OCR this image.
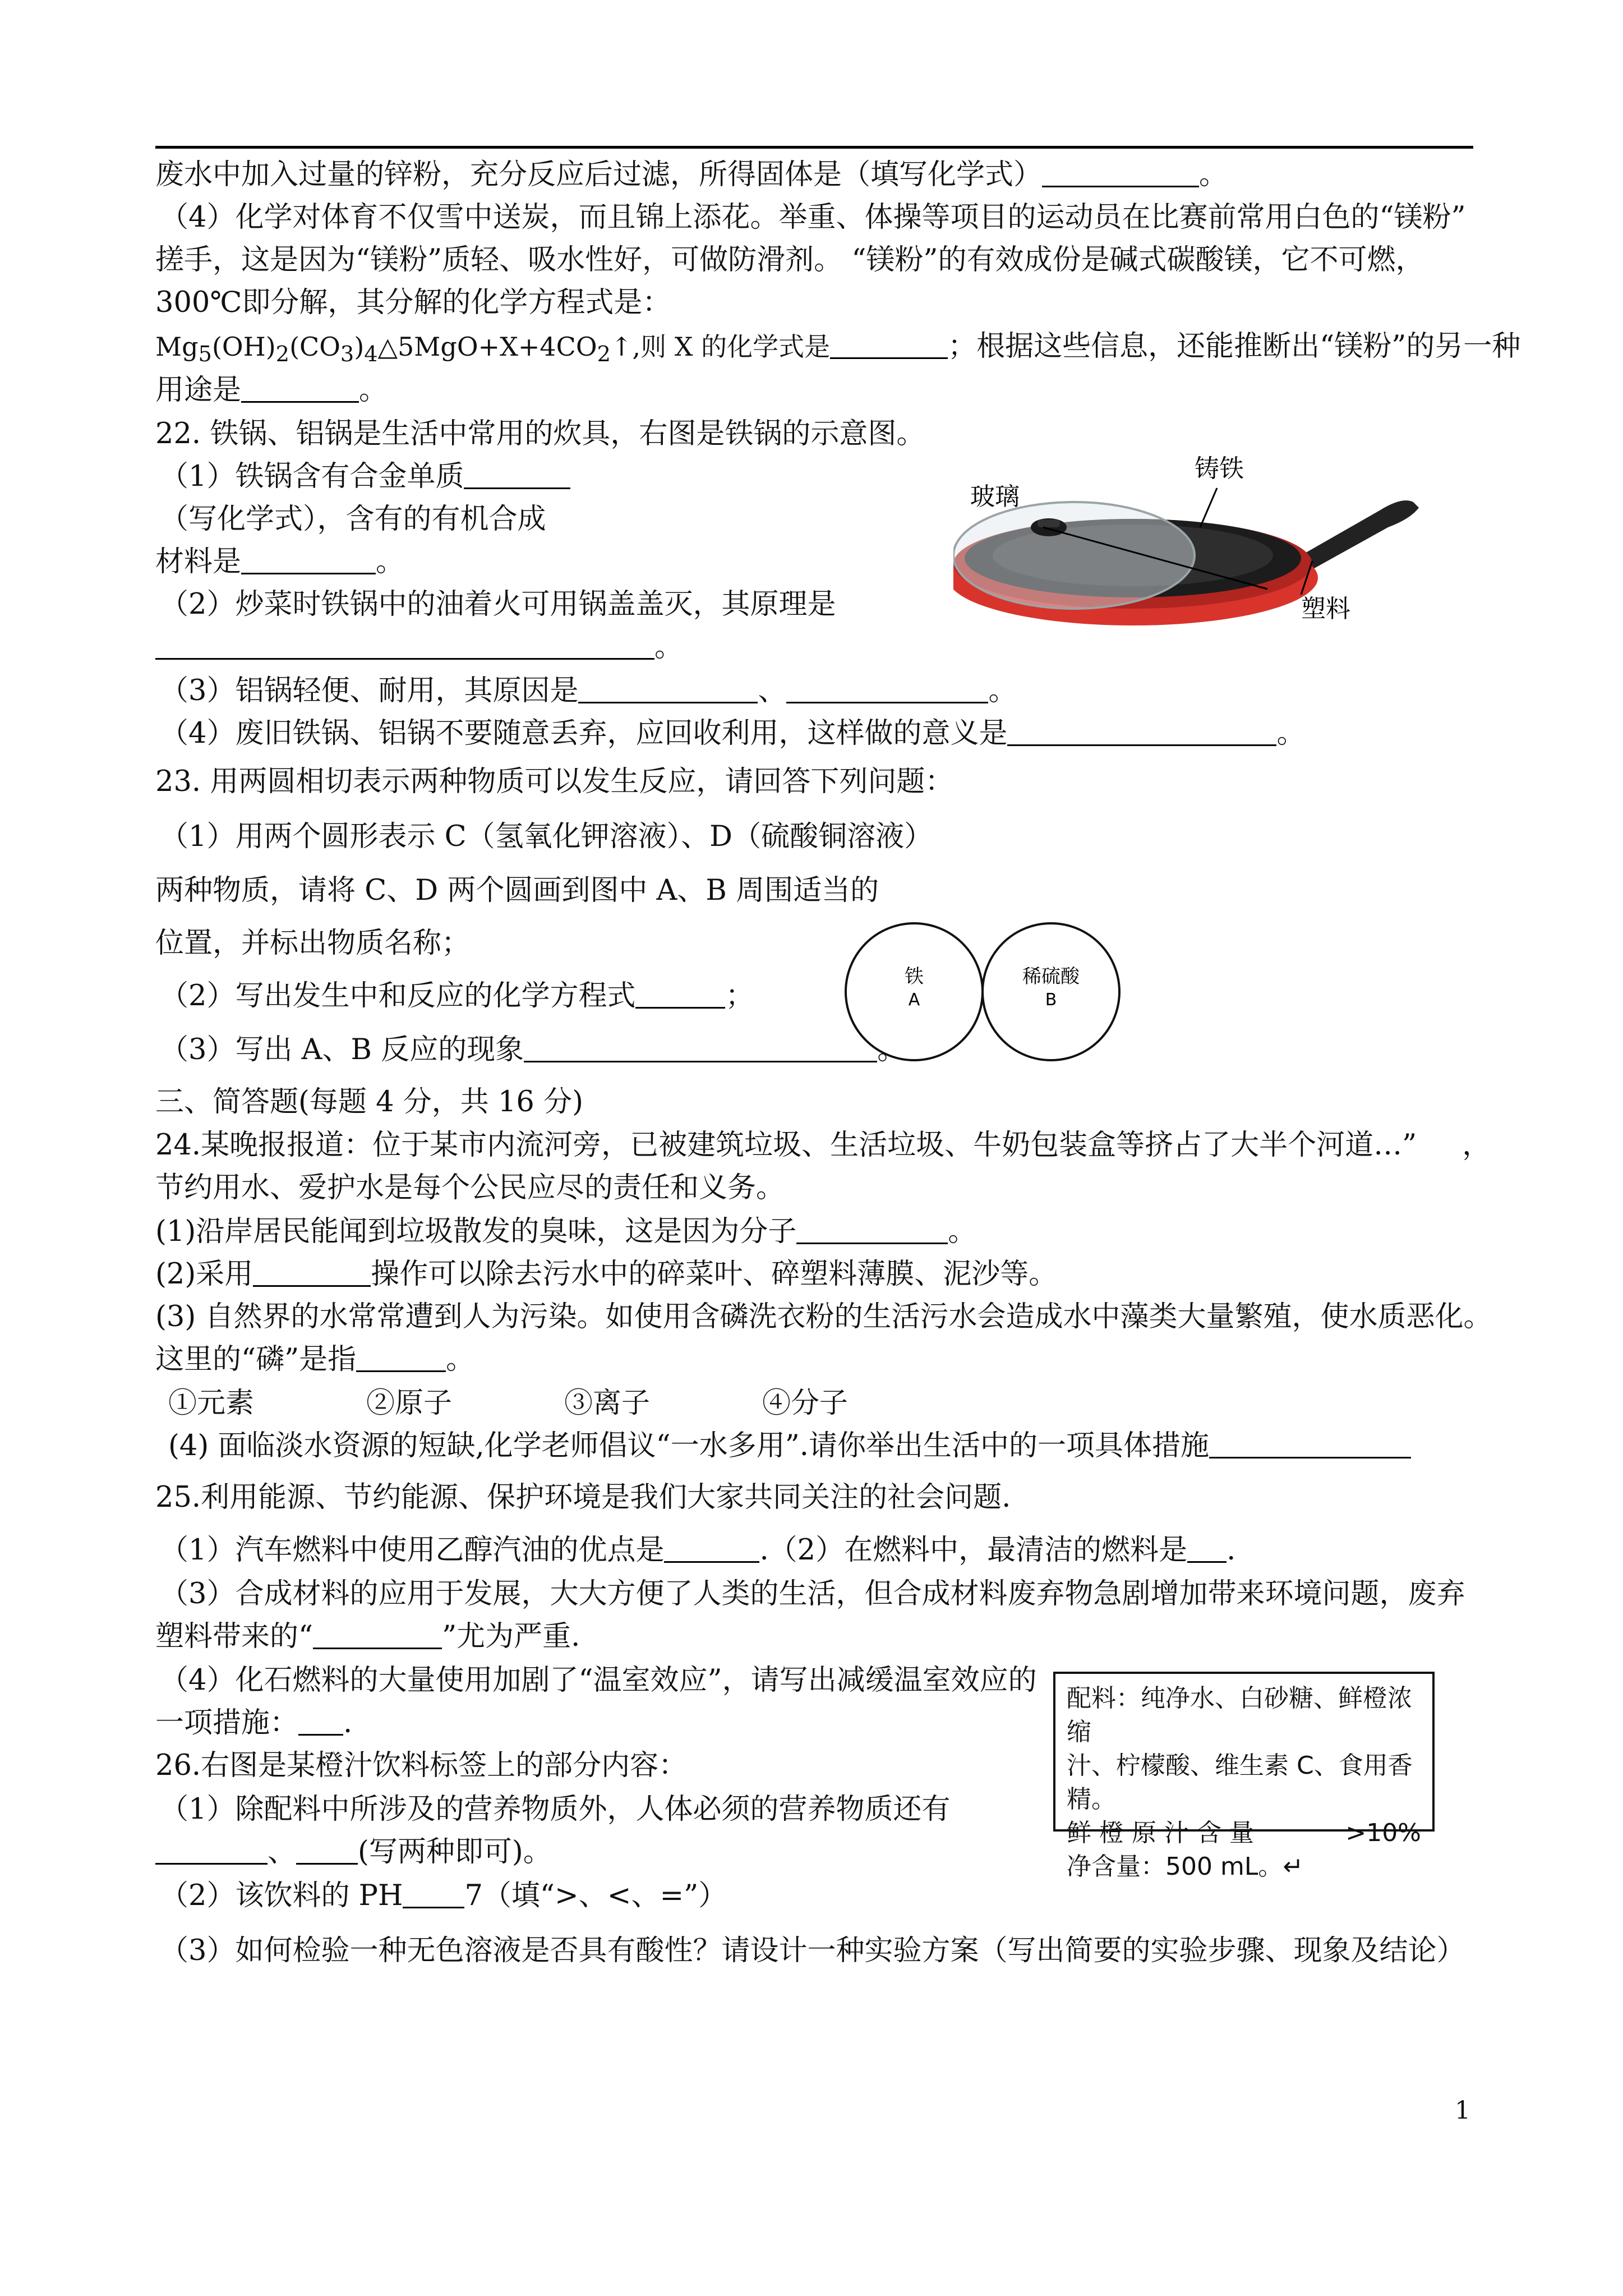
废水中加入过量的锌粉，充分反应后过滤，所得固体是（填写化学式）	。
（4）化学对体育不仅雪中送炭，而且锦上添花。举重、体操等项目的运动员在比赛前常用白色的“镁粉”
搓手，这是因为“镁粉”质轻、吸水性好，可做防滑剂。 “镁粉”的有效成份是碱式碳酸镁，它不可燃，
300℃即分解，其分解的化学方程式是：
$Mg_5(OH)_2(CO_3)_4\triangle 5MgO+X+4CO_2↑$,则 X 的化学式是	；根据这些信息，还能推断出“镁粉”的另一种
用途是	。
22. 铁锅、铝锅是生活中常用的炊具，右图是铁锅的示意图。
（1）铁锅含有合金单质
（写化学式），含有的有机合成
材料是	。
（2）炒菜时铁锅中的油着火可用锅盖盖灭，其原理是
。
（3）铝锅轻便、耐用，其原因是	、	。
（4）废旧铁锅、铝锅不要随意丢弃，应回收利用，这样做的意义是	。
铸铁
玻璃
塑料
23. 用两圆相切表示两种物质可以发生反应，请回答下列问题：
（1）用两个圆形表示 C（氢氧化钾溶液）、D（硫酸铜溶液）
两种物质，请将 C、D 两个圆画到图中 A、B 周围适当的
位置，并标出物质名称；
（2）写出发生中和反应的化学方程式	；
（3）写出 A、B 反应的现象	。
铁
A
稀硫酸
B
三、简答题(每题 4 分，共 16 分)
24.某晚报报道：位于某市内流河旁，已被建筑垃圾、生活垃圾、牛奶包装盒等挤占了大半个河道…”     ，
节约用水、爱护水是每个公民应尽的责任和义务。
(1)沿岸居民能闻到垃圾散发的臭味，这是因为分子	。
(2)采用	操作可以除去污水中的碎菜叶、碎塑料薄膜、泥沙等。
(3) 自然界的水常常遭到人为污染。如使用含磷洗衣粉的生活污水会造成水中藻类大量繁殖，使水质恶化。
这里的“磷”是指	。
①元素	②原子	③离子	④分子
(4) 面临淡水资源的短缺,化学老师倡议“一水多用”.请你举出生活中的一项具体措施
25.利用能源、节约能源、保护环境是我们大家共同关注的社会问题.
（1）汽车燃料中使用乙醇汽油的优点是	.（2）在燃料中，最清洁的燃料是 .
（3）合成材料的应用于发展，大大方便了人类的生活，但合成材料废弃物急剧增加带来环境问题，废弃
塑料带来的“	”尤为严重.
（4）化石燃料的大量使用加剧了“温室效应”，请写出减缓温室效应的
一项措施： .
配料：纯净水、白砂糖、鲜橙浓缩
汁、柠檬酸、维生素 C、食用香精。
鲜 橙 原 汁 含 量	>10%
净含量：500 mL。↵
26.右图是某橙汁饮料标签上的部分内容：
（1）除配料中所涉及的营养物质外，人体必须的营养物质还有
、 (写两种即可)。
（2）该饮料的 PH 7（填“>、<、=”）
（3）如何检验一种无色溶液是否具有酸性？请设计一种实验方案（写出简要的实验步骤、现象及结论）
1
